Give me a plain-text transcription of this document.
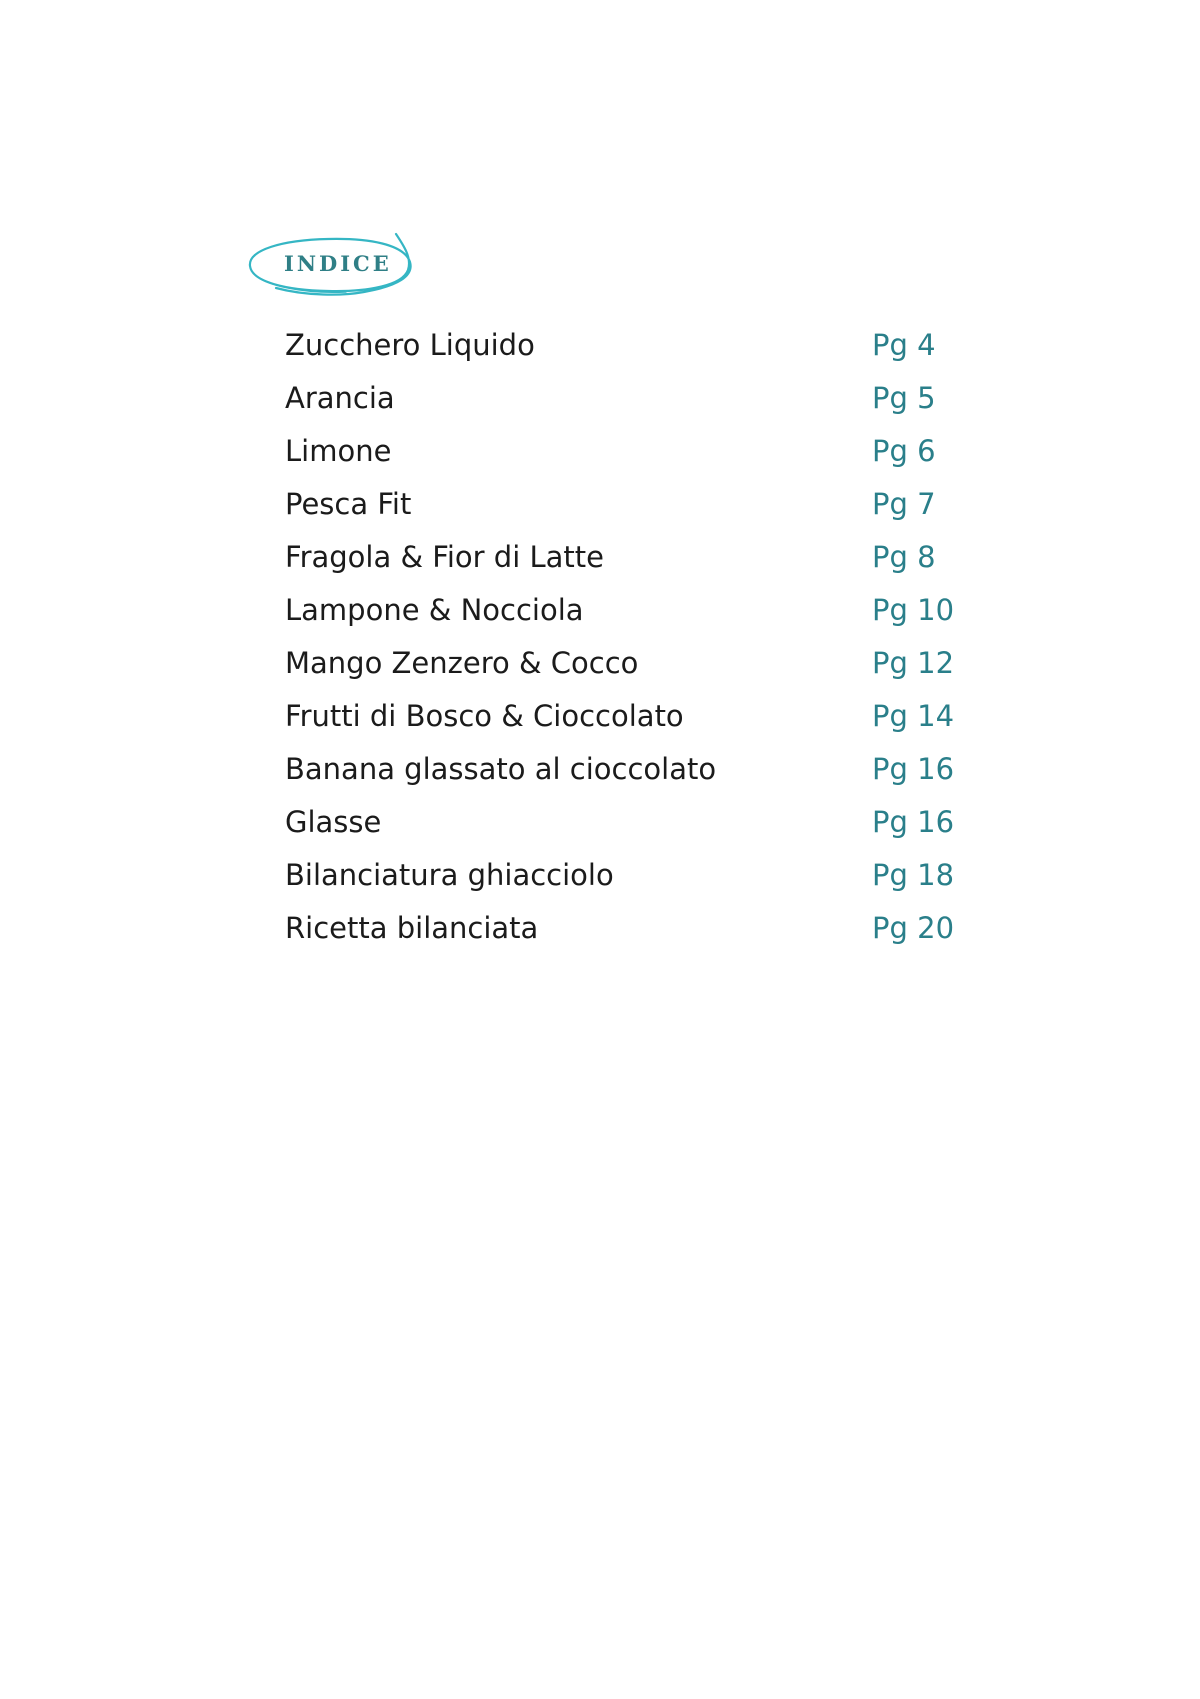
INDICE
Zucchero Liquido	Pg 4
Arancia	Pg 5
Limone	Pg 6
Pesca Fit	Pg 7
Fragola & Fior di Latte	Pg 8
Lampone & Nocciola	Pg 10
Mango Zenzero & Cocco	Pg 12
Frutti di Bosco & Cioccolato	Pg 14
Banana glassato al cioccolato	Pg 16
Glasse	Pg 16
Bilanciatura ghiacciolo	Pg 18
Ricetta bilanciata	Pg 20
